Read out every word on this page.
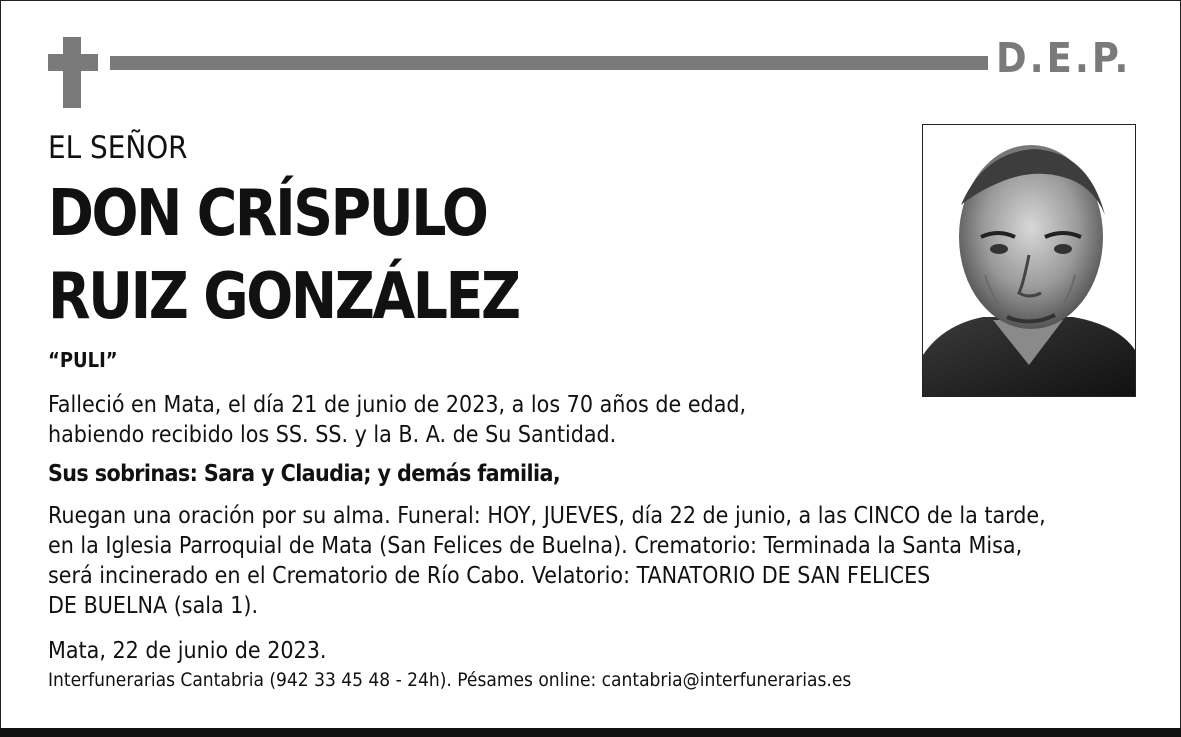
D.E.P.
EL SEÑOR
DON CRÍSPULO
RUIZ GONZÁLEZ
“PULI”
Falleció en Mata, el día 21 de junio de 2023, a los 70 años de edad,
habiendo recibido los SS. SS. y la B. A. de Su Santidad.
Sus sobrinas: Sara y Claudia; y demás familia,
Ruegan una oración por su alma. Funeral: HOY, JUEVES, día 22 de junio, a las CINCO de la tarde,
en la Iglesia Parroquial de Mata (San Felices de Buelna). Crematorio: Terminada la Santa Misa,
será incinerado en el Crematorio de Río Cabo. Velatorio: TANATORIO DE SAN FELICES
DE BUELNA (sala 1).
Mata, 22 de junio de 2023.
Interfunerarias Cantabria (942 33 45 48 - 24h). Pésames online: cantabria@interfunerarias.es
